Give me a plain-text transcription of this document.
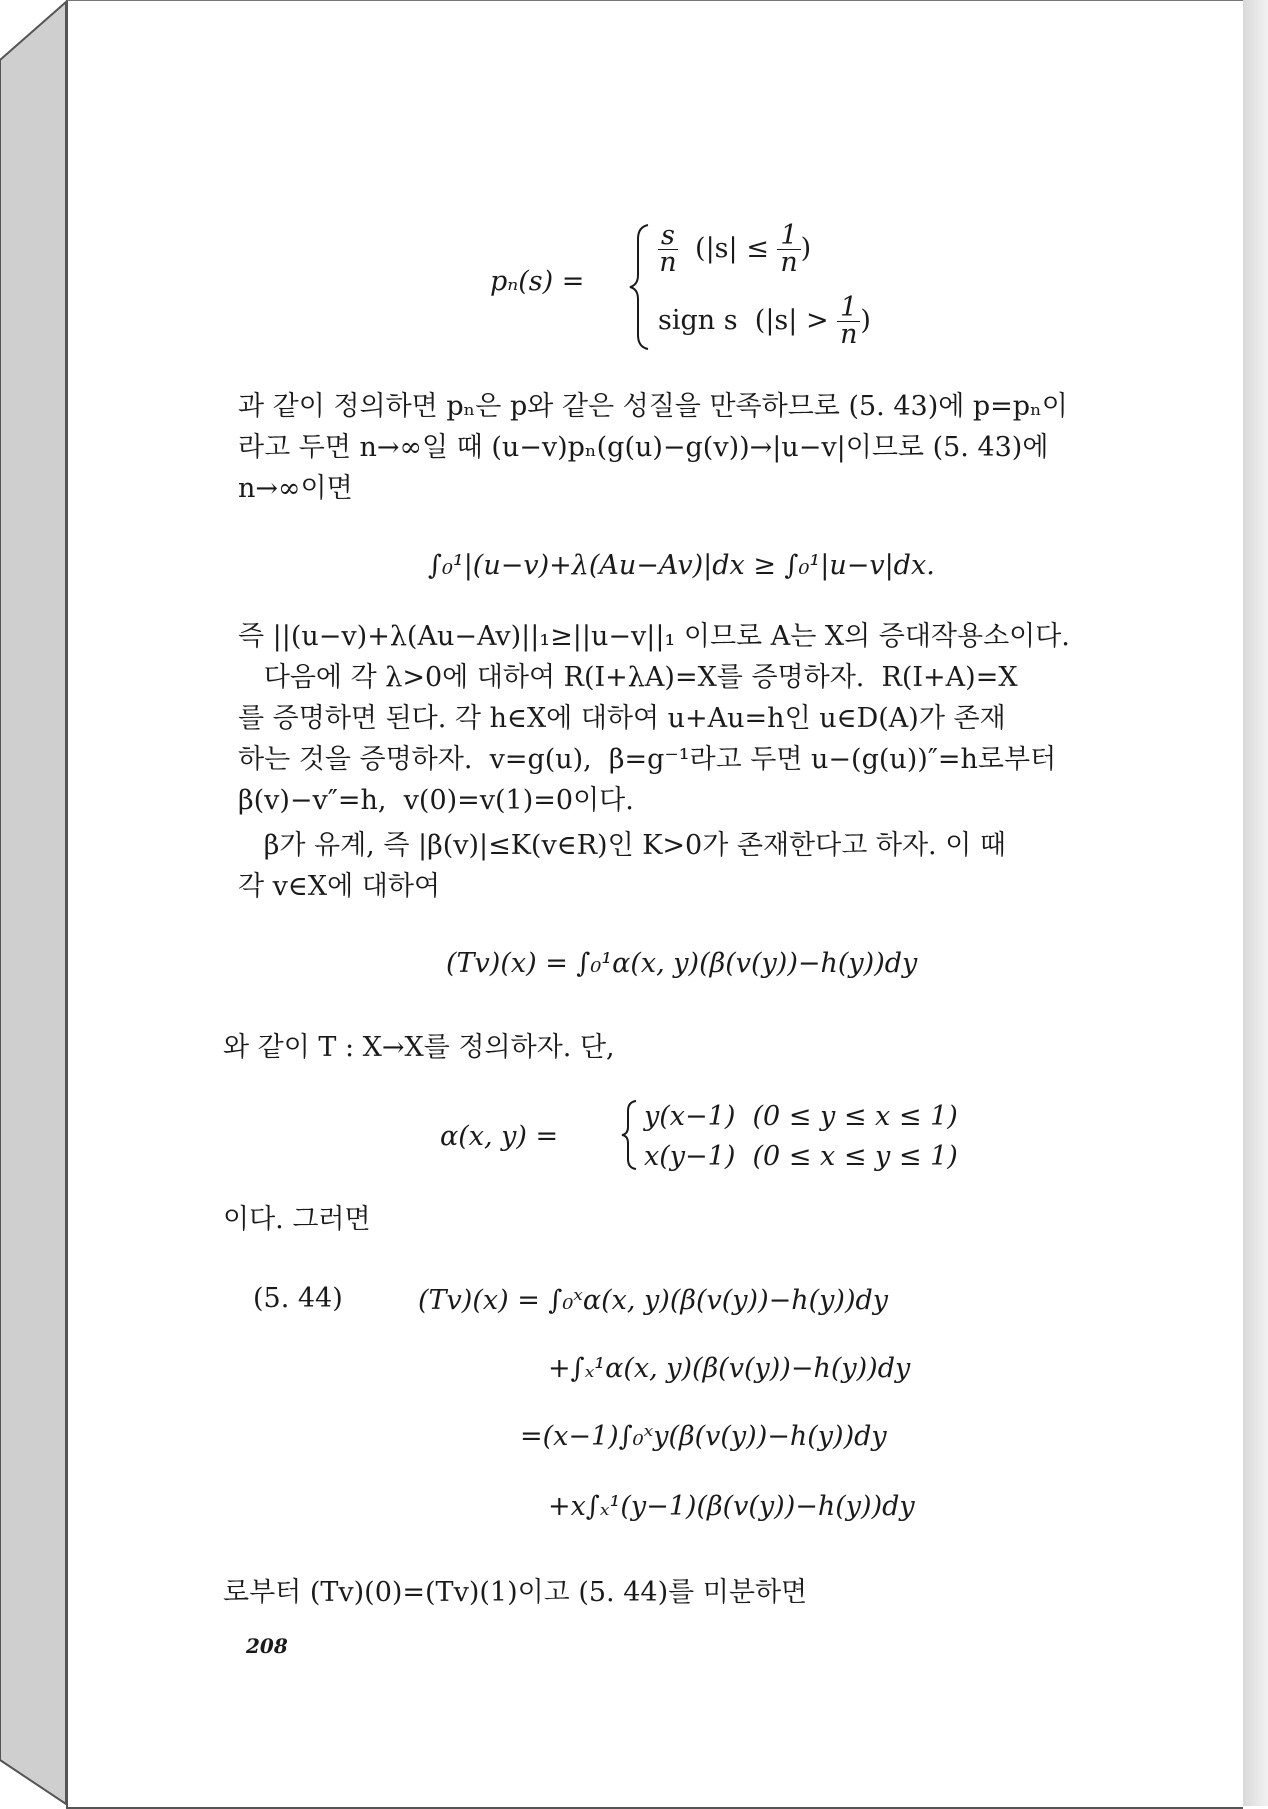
pₙ(s) =
$\frac{s}{n} (|s| \le \frac{1}{n}$ )
sign s ($|s| > \frac{1}{n}$ )
과 같이 정의하면 pₙ은 p와 같은 성질을 만족하므로 (5. 43)에 p=pₙ이
라고 두면 n→∞일 때 (u−v)pₙ(g(u)−g(v))→|u−v|이므로 (5. 43)에
n→∞이면
∫₀¹|(u−v)+λ(Au−Av)|dx ≥ ∫₀¹|u−v|dx.
즉 ||(u−v)+λ(Au−Av)||₁≥||u−v||₁ 이므로 A는 X의 증대작용소이다.
다음에 각 λ>0에 대하여 R(I+λA)=X를 증명하자.  R(I+A)=X
를 증명하면 된다. 각 h∈X에 대하여 u+Au=h인 u∈D(A)가 존재
하는 것을 증명하자.  v=g(u),  β=g⁻¹라고 두면 u−(g(u))″=h로부터
β(v)−v″=h,  v(0)=v(1)=0이다.
β가 유계, 즉 |β(v)|≤K(v∈R)인 K>0가 존재한다고 하자. 이 때
각 v∈X에 대하여
(Tv)(x) = ∫₀¹α(x, y)(β(v(y))−h(y))dy
와 같이 T : X→X를 정의하자. 단,
α(x, y) =
y(x−1)  (0 ≤ y ≤ x ≤ 1)
x(y−1)  (0 ≤ x ≤ y ≤ 1)
이다. 그러면
(5. 44)	(Tv)(x) = ∫₀ˣα(x, y)(β(v(y))−h(y))dy
+∫ₓ¹α(x, y)(β(v(y))−h(y))dy
=(x−1)∫₀ˣy(β(v(y))−h(y))dy
+x∫ₓ¹(y−1)(β(v(y))−h(y))dy
로부터 (Tv)(0)=(Tv)(1)이고 (5. 44)를 미분하면
208
